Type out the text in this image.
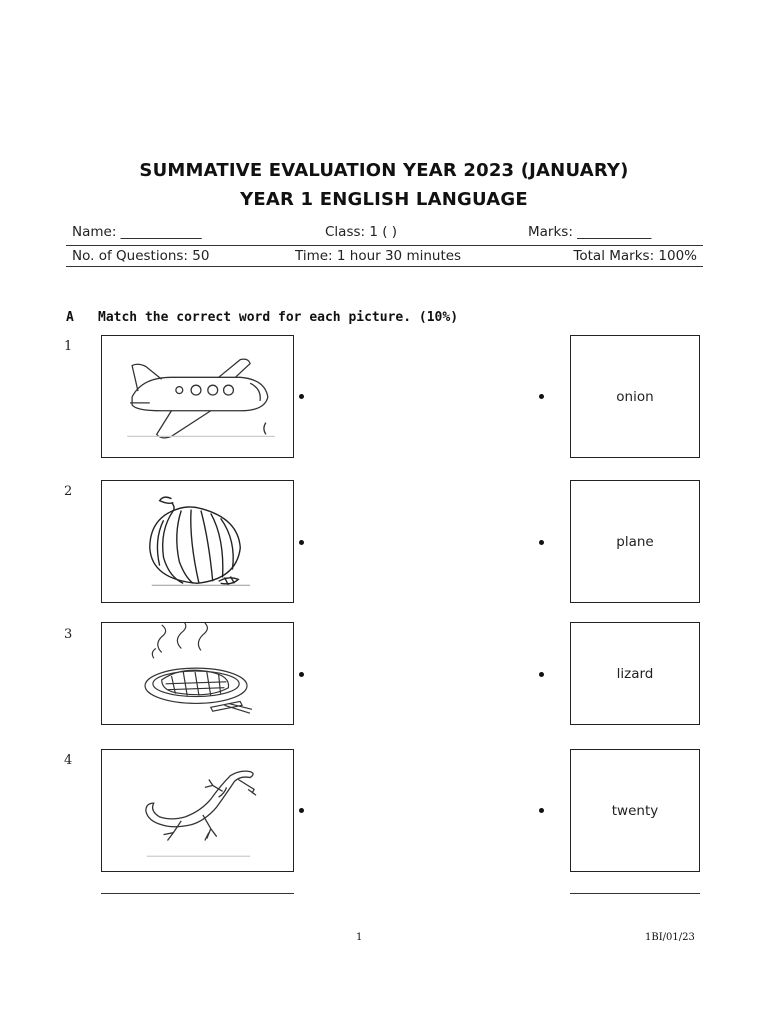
SUMMATIVE EVALUATION YEAR 2023 (JANUARY)
YEAR 1 ENGLISH LANGUAGE
Name: ____________	Class: 1 ( )	Marks: ___________
No. of Questions: 50	Time: 1 hour 30 minutes	Total Marks: 100%
A Match the correct word for each picture. (10%)
1
onion
2
plane
3
lizard
4
twenty
1	1BI/01/23
